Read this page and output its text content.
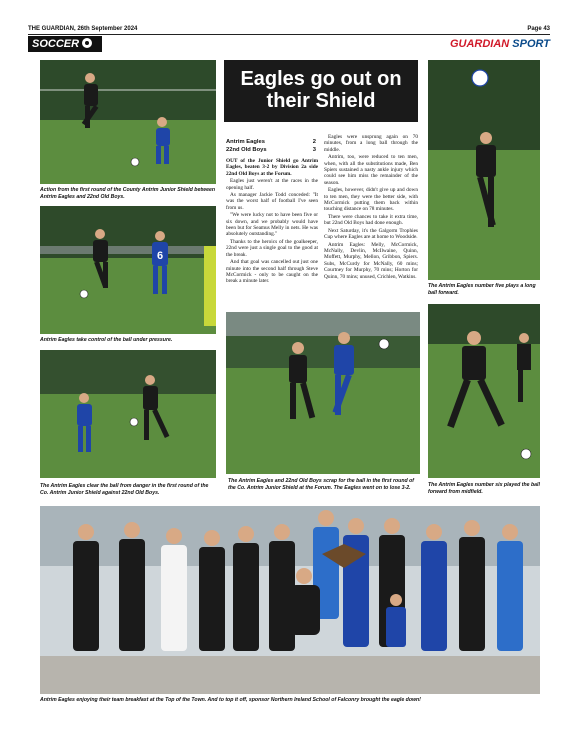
THE GUARDIAN, 26th September 2024	Page 43
SOCCER	GUARDIAN SPORT
Action from the first round of the County Antrim Junior Shield between Antrim Eagles and 22nd Old Boys.
6
Antrim Eagles take control of the ball under pressure.
The Antrim Eagles clear the ball from danger in the first round of the Co. Antrim Junior Shield against 22nd Old Boys.
Eagles go out on their Shield
Antrim Eagles	2
22nd Old Boys	3

OUT of the Junior Shield go Antrim Eagles, beaten 3-2 by Division 2a side 22nd Old Boys at the Forum.

Eagles just weren't at the races in the opening half.

As manager Jackie Todd conceded: "It was the worst half of football I've seen from us.

"We were lucky not to have been five or six down, and we probably would have been but for Seamus Melly in nets. He was absolutely outstanding."

Thanks to the heroics of the goalkeeper, 22nd were just a single goal to the good at the break.

And that goal was cancelled out just one minute into the second half through Steve McCormick - only to be caught on the break a minute later.

Eagles were unsprung again on 70 minutes, from a long ball through the middle.

Antrim, too, were reduced to ten men, when, with all the substitutions made, Ben Spiers sustained a nasty ankle injury which could see him miss the remainder of the season.

Eagles, however, didn't give up and down to ten men, they were the better side, with McCormick putting them back within touching distance on 78 minutes.

There were chances to take it extra time, but 22nd Old Boys had done enough.

Next Saturday, it's the Galgorm Trophies Cup where Eagles are at home to Woodside.

Antrim Eagles: Melly, McCormick, McNally, Devlin, McIlwaine, Quinn, Moffett, Murphy, Mellon, Gribbon, Spiers. Subs, McCurdy for McNally, 60 mins; Courtney for Murphy, 70 mins; Horton for Quinn, 70 mins; unused, Crichlen, Watkins.

The Antrim Eagles and 22nd Old Boys scrap for the ball in the first round of the Co. Antrim Junior Shield at the Forum. The Eagles went on to lose 3-2.
The Antrim Eagles number five plays a long ball forward.
The Antrim Eagles number six played the ball forward from midfield.
Antrim Eagles enjoying their team breakfast at the Top of the Town. And to top it off, sponsor Northern Ireland School of Falconry brought the eagle down!
